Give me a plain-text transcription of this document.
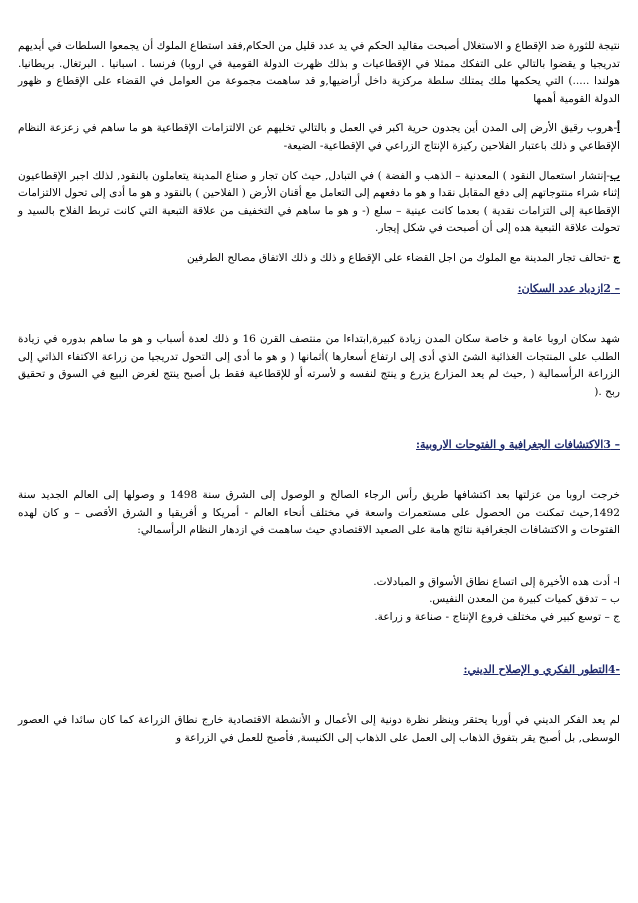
نتيجة للثورة ضد الإقطاع و الاستغلال أصبحت مقاليد الحكم في يد عدد قليل من الحكام,فقد استطاع الملوك أن يجمعوا السلطات في أيديهم تدريجيا و يقضوا بالتالي على التفكك ممثلا في الإقطاعيات و بذلك ظهرت الدولة القومية في اروبا) فرنسا . اسبانيا . البرتغال. بريطانيا. هولندا .....) التي يحكمها ملك يمتلك سلطة مركزية داخل أراضيها,و قد ساهمت مجموعة من العوامل في القضاء على الإقطاع و ظهور الدولة القومية أهمها

أ-هروب رقيق الأرض إلى المدن أين يجدون حرية اكبر في العمل و بالتالي تخليهم عن الالتزامات الإقطاعية هو ما ساهم في زعزعة النظام الإقطاعي و ذلك باعتبار الفلاحين ركيزة الإنتاج الزراعي في الإقطاعية- الضيعة-

ب-إنتشار استعمال النقود ) المعدنية – الذهب و الفضة ) في التبادل, حيث كان تجار و صناع المدينة يتعاملون بالنقود, لذلك اجبر الإقطاعيون إثناء شراء منتوجاتهم إلى دفع المقابل نقدا و هو ما دفعهم إلى التعامل مع أقنان الأرض ( الفلاحين ) بالنقود و هو ما أدى إلى تحول الالتزامات الإقطاعية إلى التزامات نقدية ) بعدما كانت عينية – سلع (- و هو ما ساهم في التخفيف من علاقة التبعية التي كانت تربط الفلاح بالسيد و تحولت علاقة التبعية هده إلى أن أصبحت في شكل إيجار.

ج -تحالف تجار المدينة مع الملوك من اجل القضاء على الإقطاع و ذلك و ذلك الاتفاق مصالح الطرفين

– 2ازدياد عدد السكان:

شهد سكان اروبا عامة و خاصة سكان المدن زيادة كبيرة,ابتداءا من منتصف القرن 16 و ذلك لعدة أسباب و هو ما ساهم بدوره في زيادة الطلب على المنتجات الغذائية الشئ الذي أدى إلى ارتفاع أسعارها )أثمانها ( و هو ما أدى إلى التحول تدريجيا من زراعة الاكتفاء الذاتي إلى الزراعة الرأسمالية ( ,حيث لم يعد المزارع يزرع و ينتج لنفسه و لأسرته أو للإقطاعية فقط بل أصبح ينتج لغرض البيع في السوق و تحقيق ربح .(

– 3الاكتشافات الجغرافية و الفتوحات الاروبية:

خرجت اروبا من عزلتها بعد اكتشافها طريق رأس الرجاء الصالح و الوصول إلى الشرق سنة 1498 و وصولها إلى العالم الجديد سنة 1492,حيث تمكنت من الحصول على مستعمرات واسعة في مختلف أنحاء العالم - أمريكا و أفريقيا و الشرق الأقصى – و كان لهده الفتوحات و الاكتشافات الجغرافية نتائج هامة على الصعيد الاقتصادي حيث ساهمت في ازدهار النظام الرأسمالي:

ا- أدت هده الأخيرة إلى اتساع نطاق الأسواق و المبادلات.

ب – تدفق كميات كبيرة من المعدن النفيس.

ج – توسع كبير في مختلف فروع الإنتاج - صناعة و زراعة.

-4التطور الفكري و الإصلاح الديني:

لم يعد الفكر الديني في أوربا يحتقر وينظر نظرة دونية إلى الأعمال و الأنشطة الاقتصادية خارج نطاق الزراعة كما كان سائدا في العصور الوسطى, بل أصبح يقر بتفوق الذهاب إلى العمل على الذهاب إلى الكنيسة, فأصبح للعمل في الزراعة و
